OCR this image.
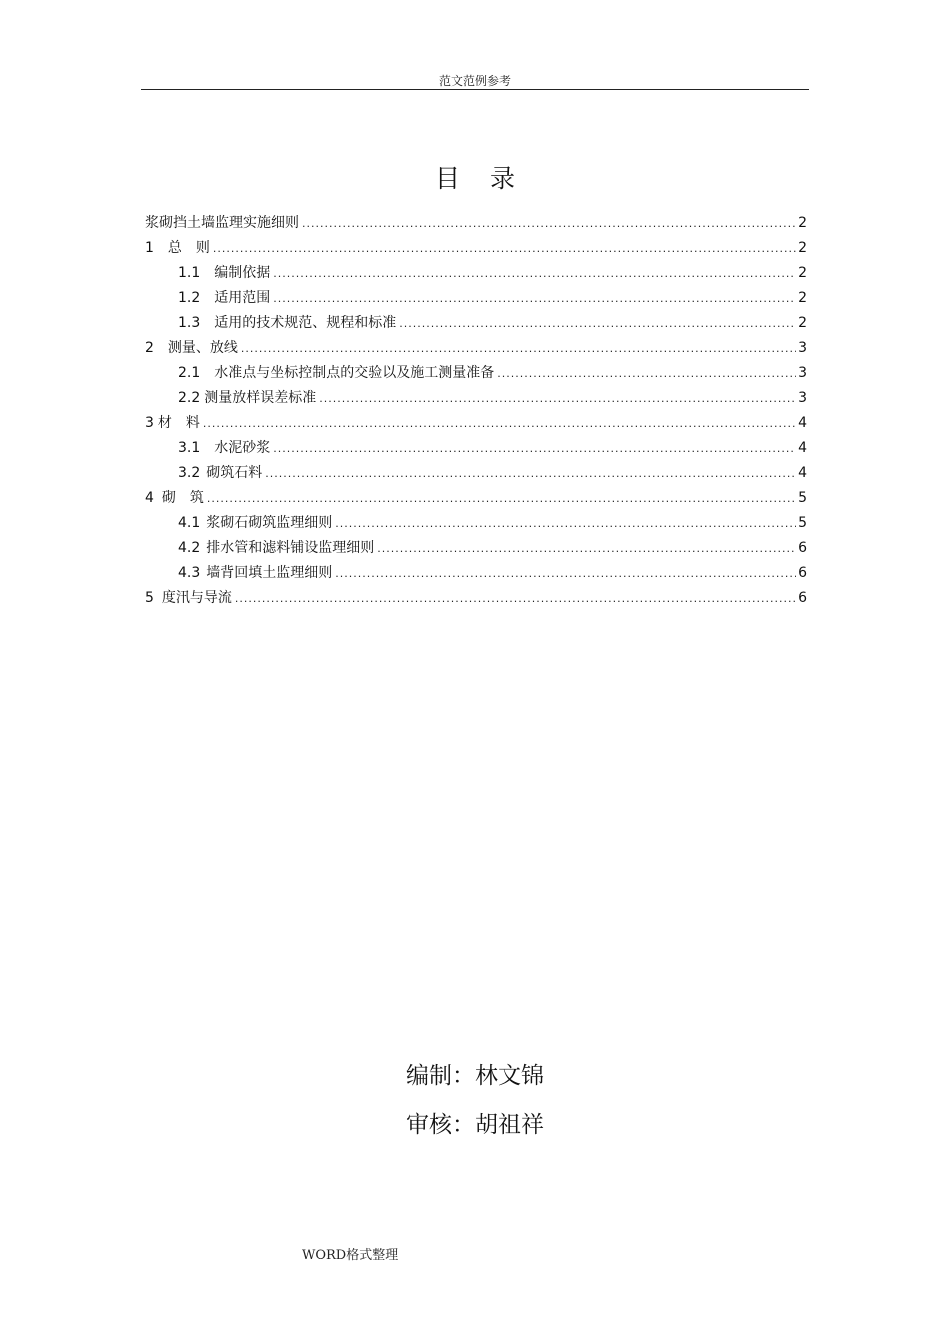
范文范例参考
目录
浆砌挡土墙监理实施细则 .....	2
1 总　则 .....	2
1.1 编制依据 .....	2
1.2 适用范围 .....	2
1.3 适用的技术规范、规程和标准 .....	2
2 测量、放线 .....	3
2.1 水准点与坐标控制点的交验以及施工测量准备 .....	3
2.2 测量放样误差标准 .....	3
3 材　料 .....	4
3.1 水泥砂浆 .....	4
3.2 砌筑石料 .....	4
4 砌　筑 .....	5
4.1 浆砌石砌筑监理细则 .....	5
4.2 排水管和滤料铺设监理细则 .....	6
4.3 墙背回填土监理细则 .....	6
5 度汛与导流 .....	6
编制：林文锦
审核：胡祖祥
WORD格式整理
